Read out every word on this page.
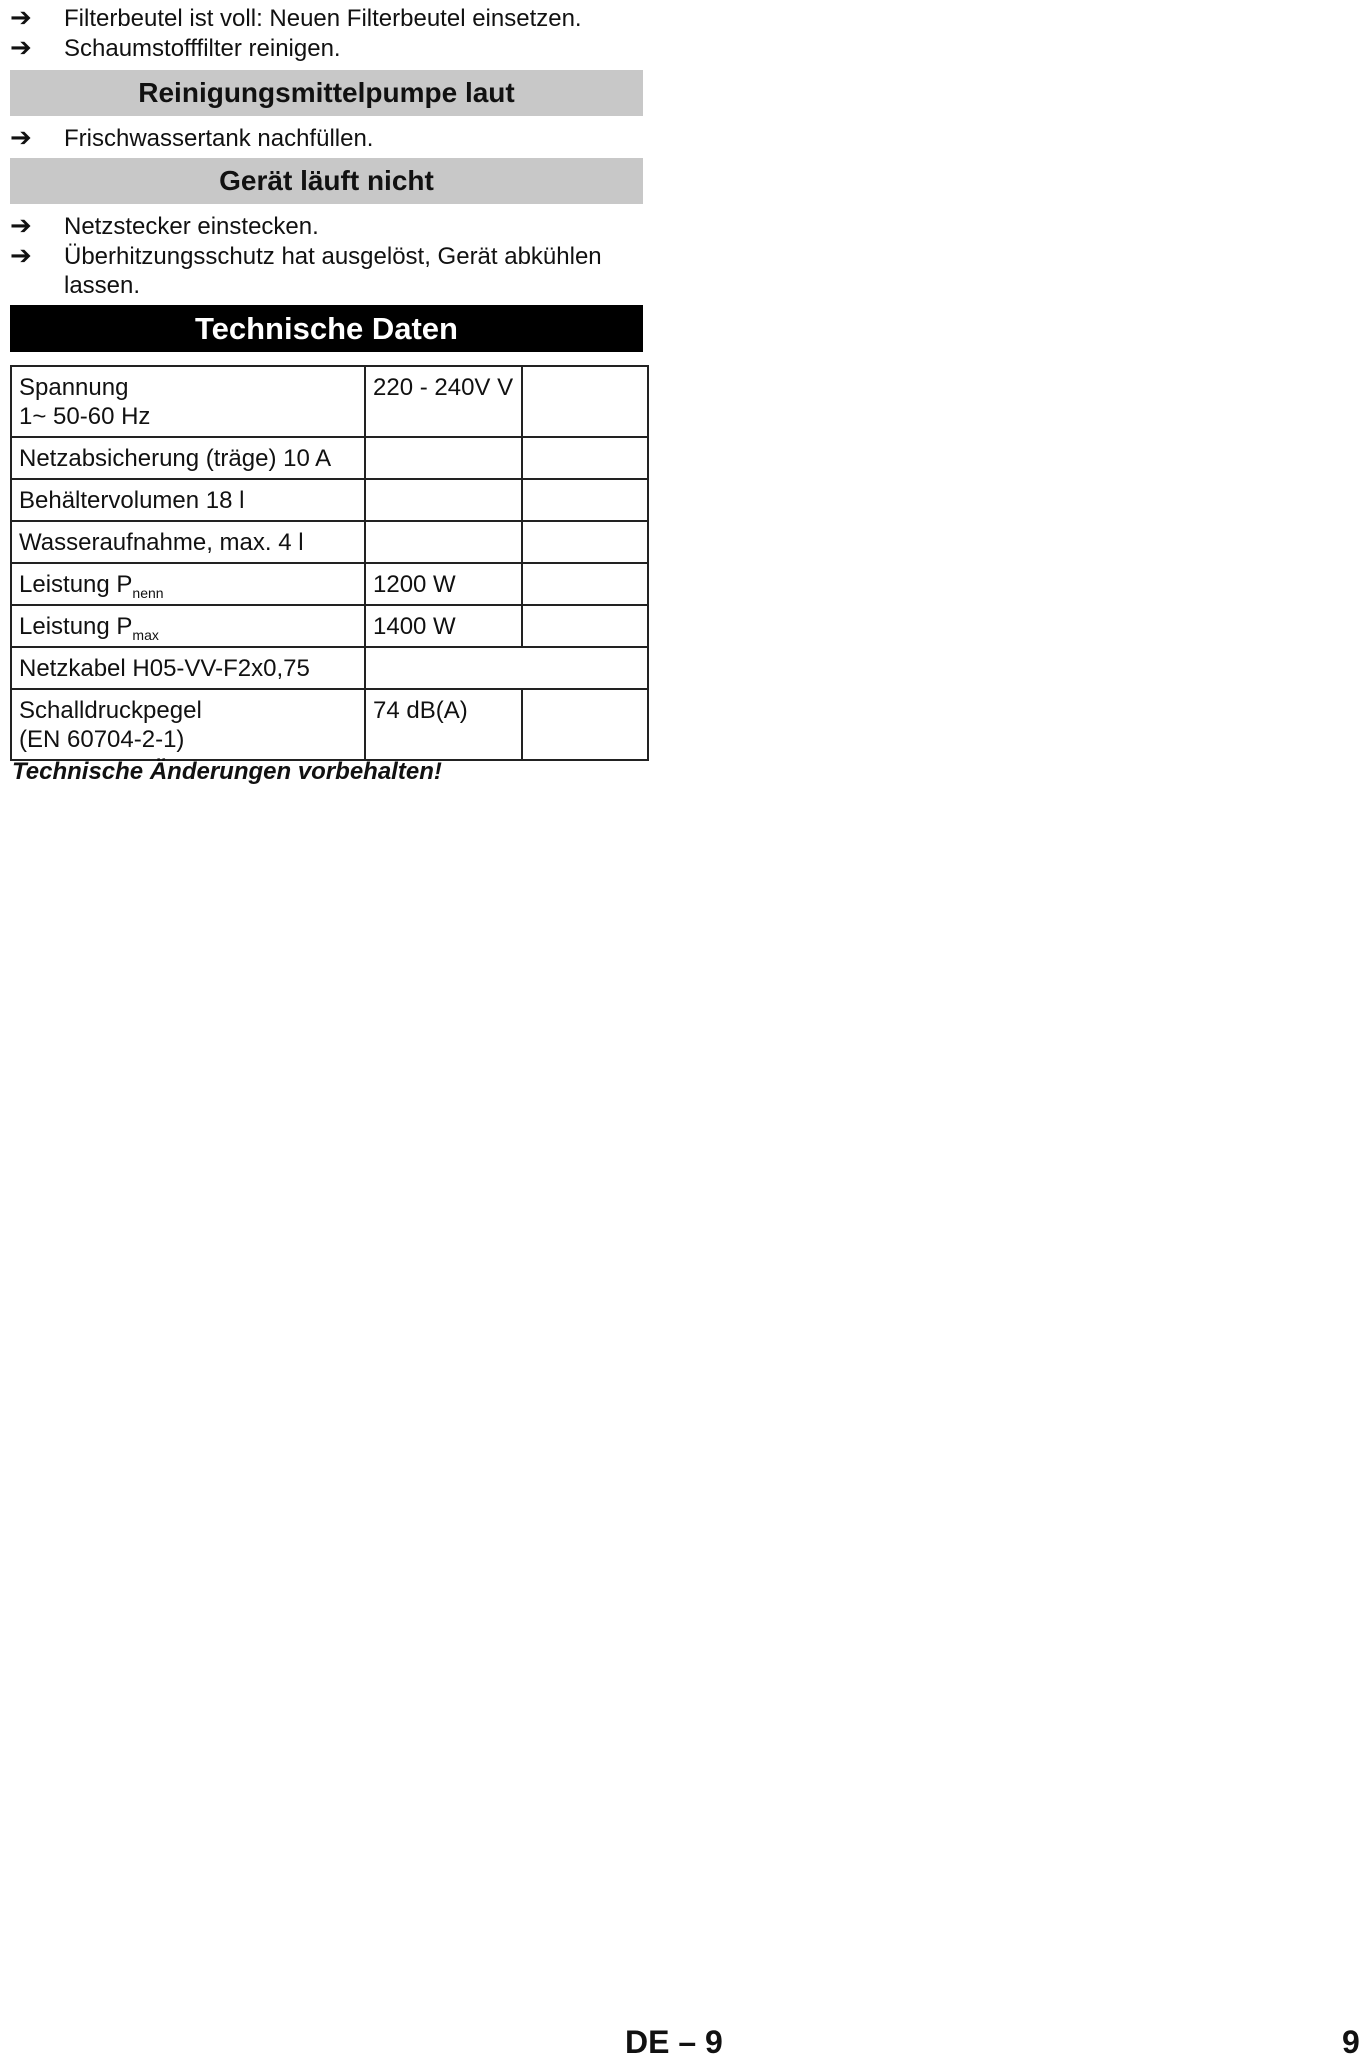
➔	Filterbeutel ist voll: Neuen Filterbeutel einsetzen.
➔	Schaumstofffilter reinigen.
Reinigungsmittelpumpe laut
➔	Frischwassertank nachfüllen.
Gerät läuft nicht
➔	Netzstecker einstecken.
➔	Überhitzungsschutz hat ausgelöst, Gerät abkühlen lassen.
Technische Daten
Spannung
1~ 50-60 Hz	220 - 240V V	
Netzabsicherung (träge) 10 A		
Behältervolumen 18 l		
Wasseraufnahme, max. 4 l		
Leistung $P_{nenn}$	1200 W	
Leistung $P_{max}$	1400 W	
Netzkabel H05-VV-F2x0,75		

Schalldruckpegel
(EN 60704-2-1)	74 dB(A)	
Technische Änderungen vorbehalten!
DE – 9	9
